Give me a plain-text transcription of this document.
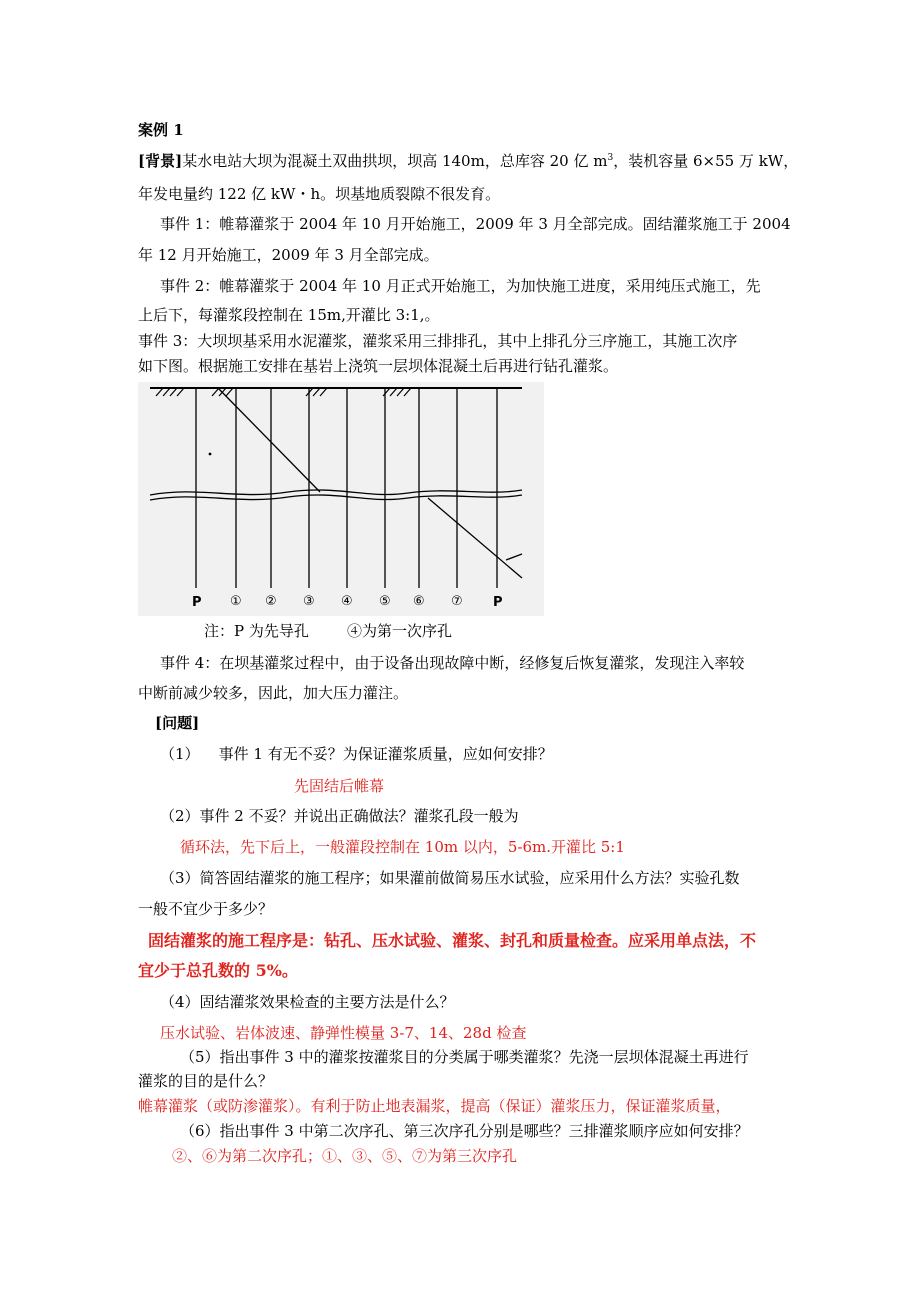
案例 1
[背景]某水电站大坝为混凝土双曲拱坝，坝高 140m，总库容 20 亿 $m^3$，装机容量 6×55 万 kW，
年发电量约 122 亿 kW・h。坝基地质裂隙不很发育。
事件 1：帷幕灌浆于 2004 年 10 月开始施工，2009 年 3 月全部完成。固结灌浆施工于 2004
年 12 月开始施工，2009 年 3 月全部完成。
事件 2：帷幕灌浆于 2004 年 10 月正式开始施工，为加快施工进度，采用纯压式施工，先
上后下，每灌浆段控制在 15m,开灌比 3:1,。
事件 3：大坝坝基采用水泥灌浆，灌浆采用三排排孔，其中上排孔分三序施工，其施工次序
如下图。根据施工安排在基岩上浇筑一层坝体混凝土后再进行钻孔灌浆。
P ① ② ③ ④ ⑤ ⑥ ⑦ P
注：P 为先导孔        ④为第一次序孔
事件 4：在坝基灌浆过程中，由于设备出现故障中断，经修复后恢复灌浆，发现注入率较
中断前减少较多，因此，加大压力灌注。
[问题]
（1）    事件 1 有无不妥？为保证灌浆质量，应如何安排？
先固结后帷幕
（2）事件 2 不妥？并说出正确做法？灌浆孔段一般为
循环法，先下后上，一般灌段控制在 10m 以内，5-6m.开灌比 5:1
（3）简答固结灌浆的施工程序；如果灌前做简易压水试验，应采用什么方法？实验孔数
一般不宜少于多少？
固结灌浆的施工程序是：钻孔、压水试验、灌浆、封孔和质量检查。应采用单点法，不
宜少于总孔数的 5%。
（4）固结灌浆效果检查的主要方法是什么？
压水试验、岩体波速、静弹性模量 3-7、14、28d 检查
（5）指出事件 3 中的灌浆按灌浆目的分类属于哪类灌浆？先浇一层坝体混凝土再进行
灌浆的目的是什么？
帷幕灌浆（或防渗灌浆）。有利于防止地表漏浆，提高（保证）灌浆压力，保证灌浆质量，
（6）指出事件 3 中第二次序孔、第三次序孔分别是哪些？三排灌浆顺序应如何安排？
②、⑥为第二次序孔；①、③、⑤、⑦为第三次序孔
